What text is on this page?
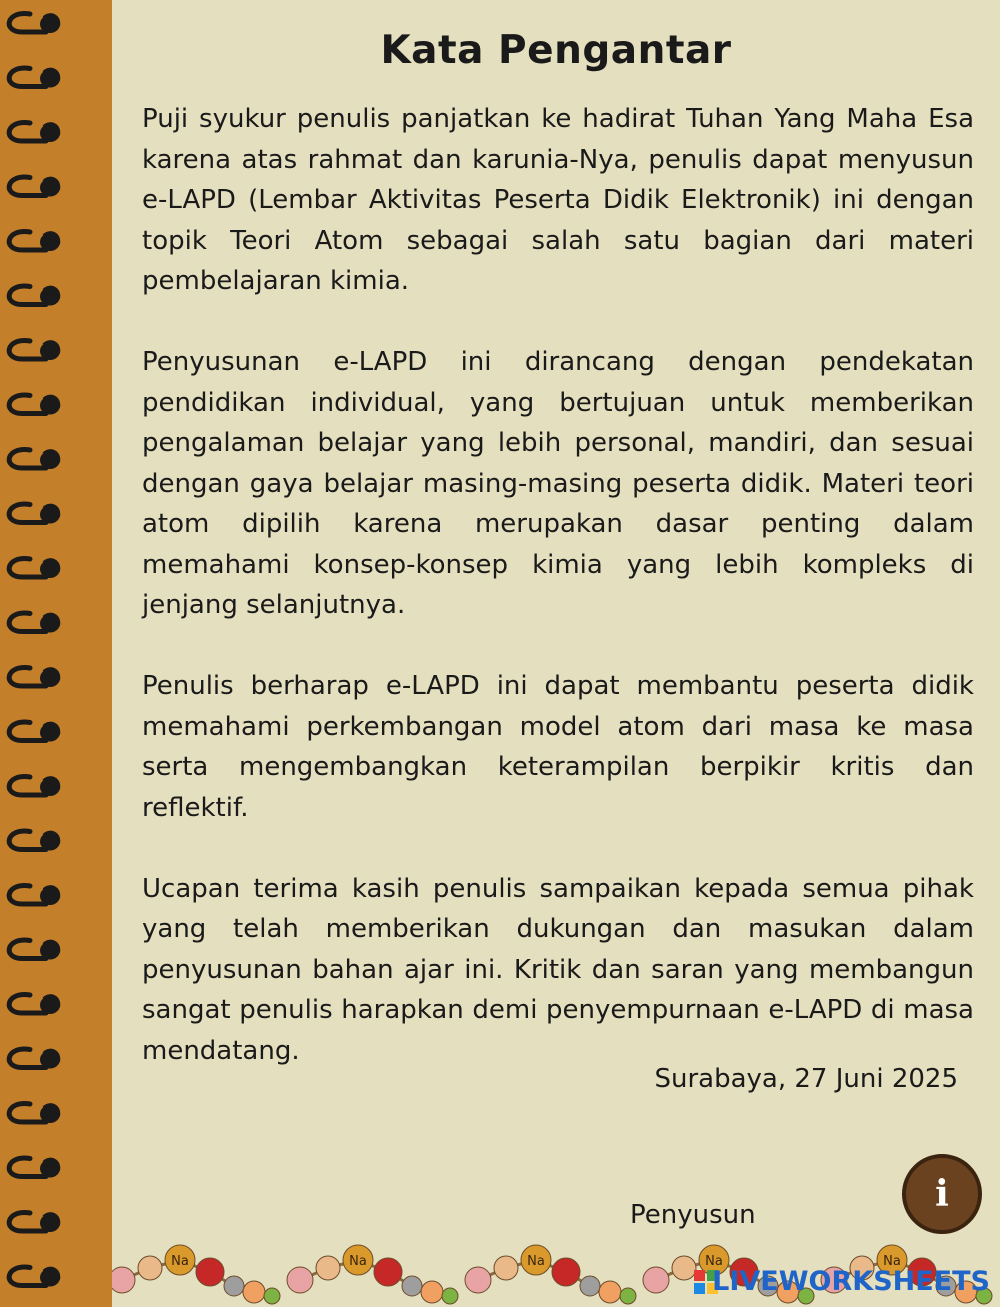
Kata Pengantar

Puji syukur penulis panjatkan ke hadirat Tuhan Yang Maha Esa karena atas rahmat dan karunia-Nya, penulis dapat menyusun e-LAPD (Lembar Aktivitas Peserta Didik Elektronik) ini dengan topik Teori Atom sebagai salah satu bagian dari materi pembelajaran kimia.

Penyusunan e-LAPD ini dirancang dengan pendekatan pendidikan individual, yang bertujuan untuk memberikan pengalaman belajar yang lebih personal, mandiri, dan sesuai dengan gaya belajar masing-masing peserta didik. Materi teori atom dipilih karena merupakan dasar penting dalam memahami konsep-konsep kimia yang lebih kompleks di jenjang selanjutnya.

Penulis berharap e-LAPD ini dapat membantu peserta didik memahami perkembangan model atom dari masa ke masa serta mengembangkan keterampilan berpikir kritis dan reflektif.

Ucapan terima kasih penulis sampaikan kepada semua pihak yang telah memberikan dukungan dan masukan dalam penyusunan bahan ajar ini. Kritik dan saran yang membangun sangat penulis harapkan demi penyempurnaan e-LAPD di masa mendatang.

Surabaya, 27 Juni 2025
Penyusun	i
Na	Na	Na	Na	Na
LIVEWORKSHEETS
